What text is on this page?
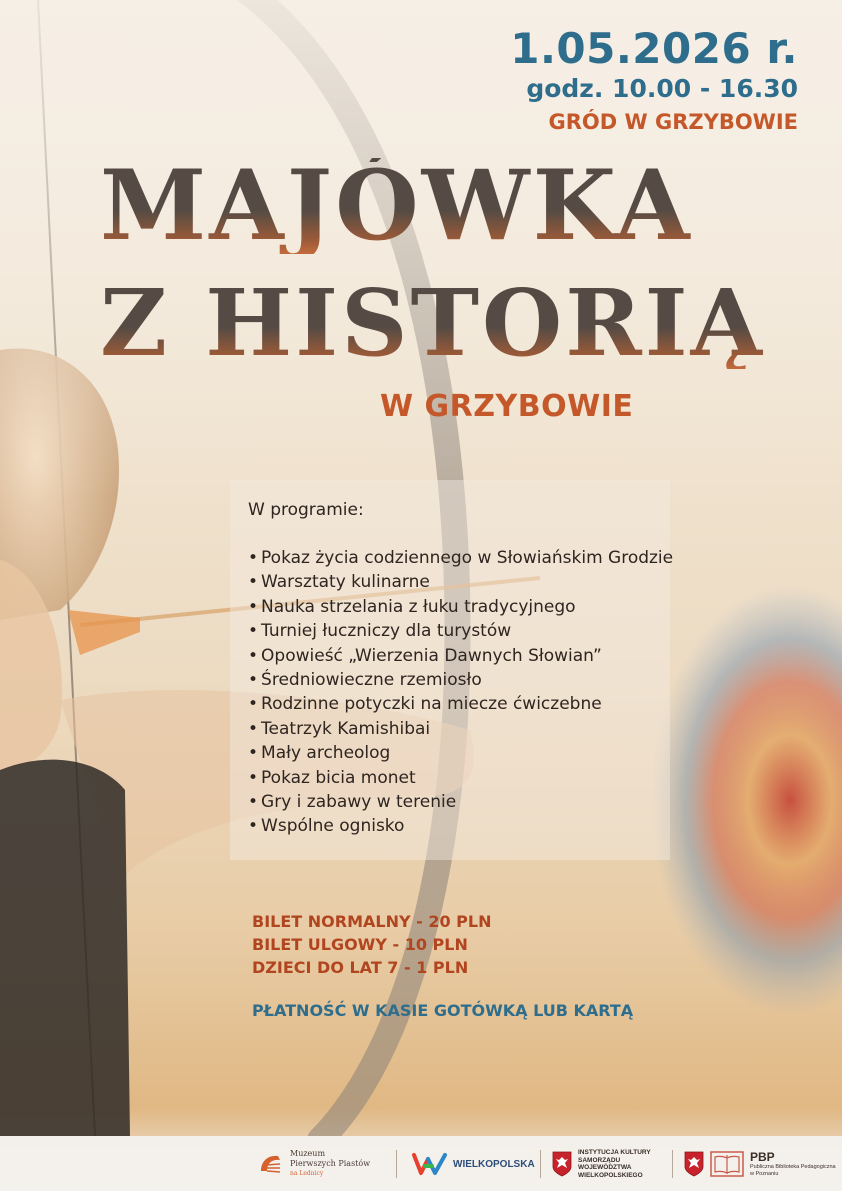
1.05.2026 r.
godz. 10.00 - 16.30
GRÓD W GRZYBOWIE
MAJÓWKA
Z HISTORIĄ
W GRZYBOWIE
W programie:
• Pokaz życia codziennego w Słowiańskim Grodzie
• Warsztaty kulinarne
• Nauka strzelania z łuku tradycyjnego
• Turniej łuczniczy dla turystów
• Opowieść „Wierzenia Dawnych Słowian”
• Średniowieczne rzemiosło
• Rodzinne potyczki na miecze ćwiczebne
• Teatrzyk Kamishibai
• Mały archeolog
• Pokaz bicia monet
• Gry i zabawy w terenie
• Wspólne ognisko
BILET NORMALNY - 20 PLN
BILET ULGOWY - 10 PLN
DZIECI DO LAT 7 - 1 PLN
PŁATNOŚĆ W KASIE GOTÓWKĄ LUB KARTĄ
Muzeum
Pierwszych Piastów
na Lednicy
WIELKOPOLSKA
INSTYTUCJA KULTURY
SAMORZĄDU
WOJEWÓDZTWA
WIELKOPOLSKIEGO
PBP
Publiczna Biblioteka Pedagogiczna
w Poznaniu
